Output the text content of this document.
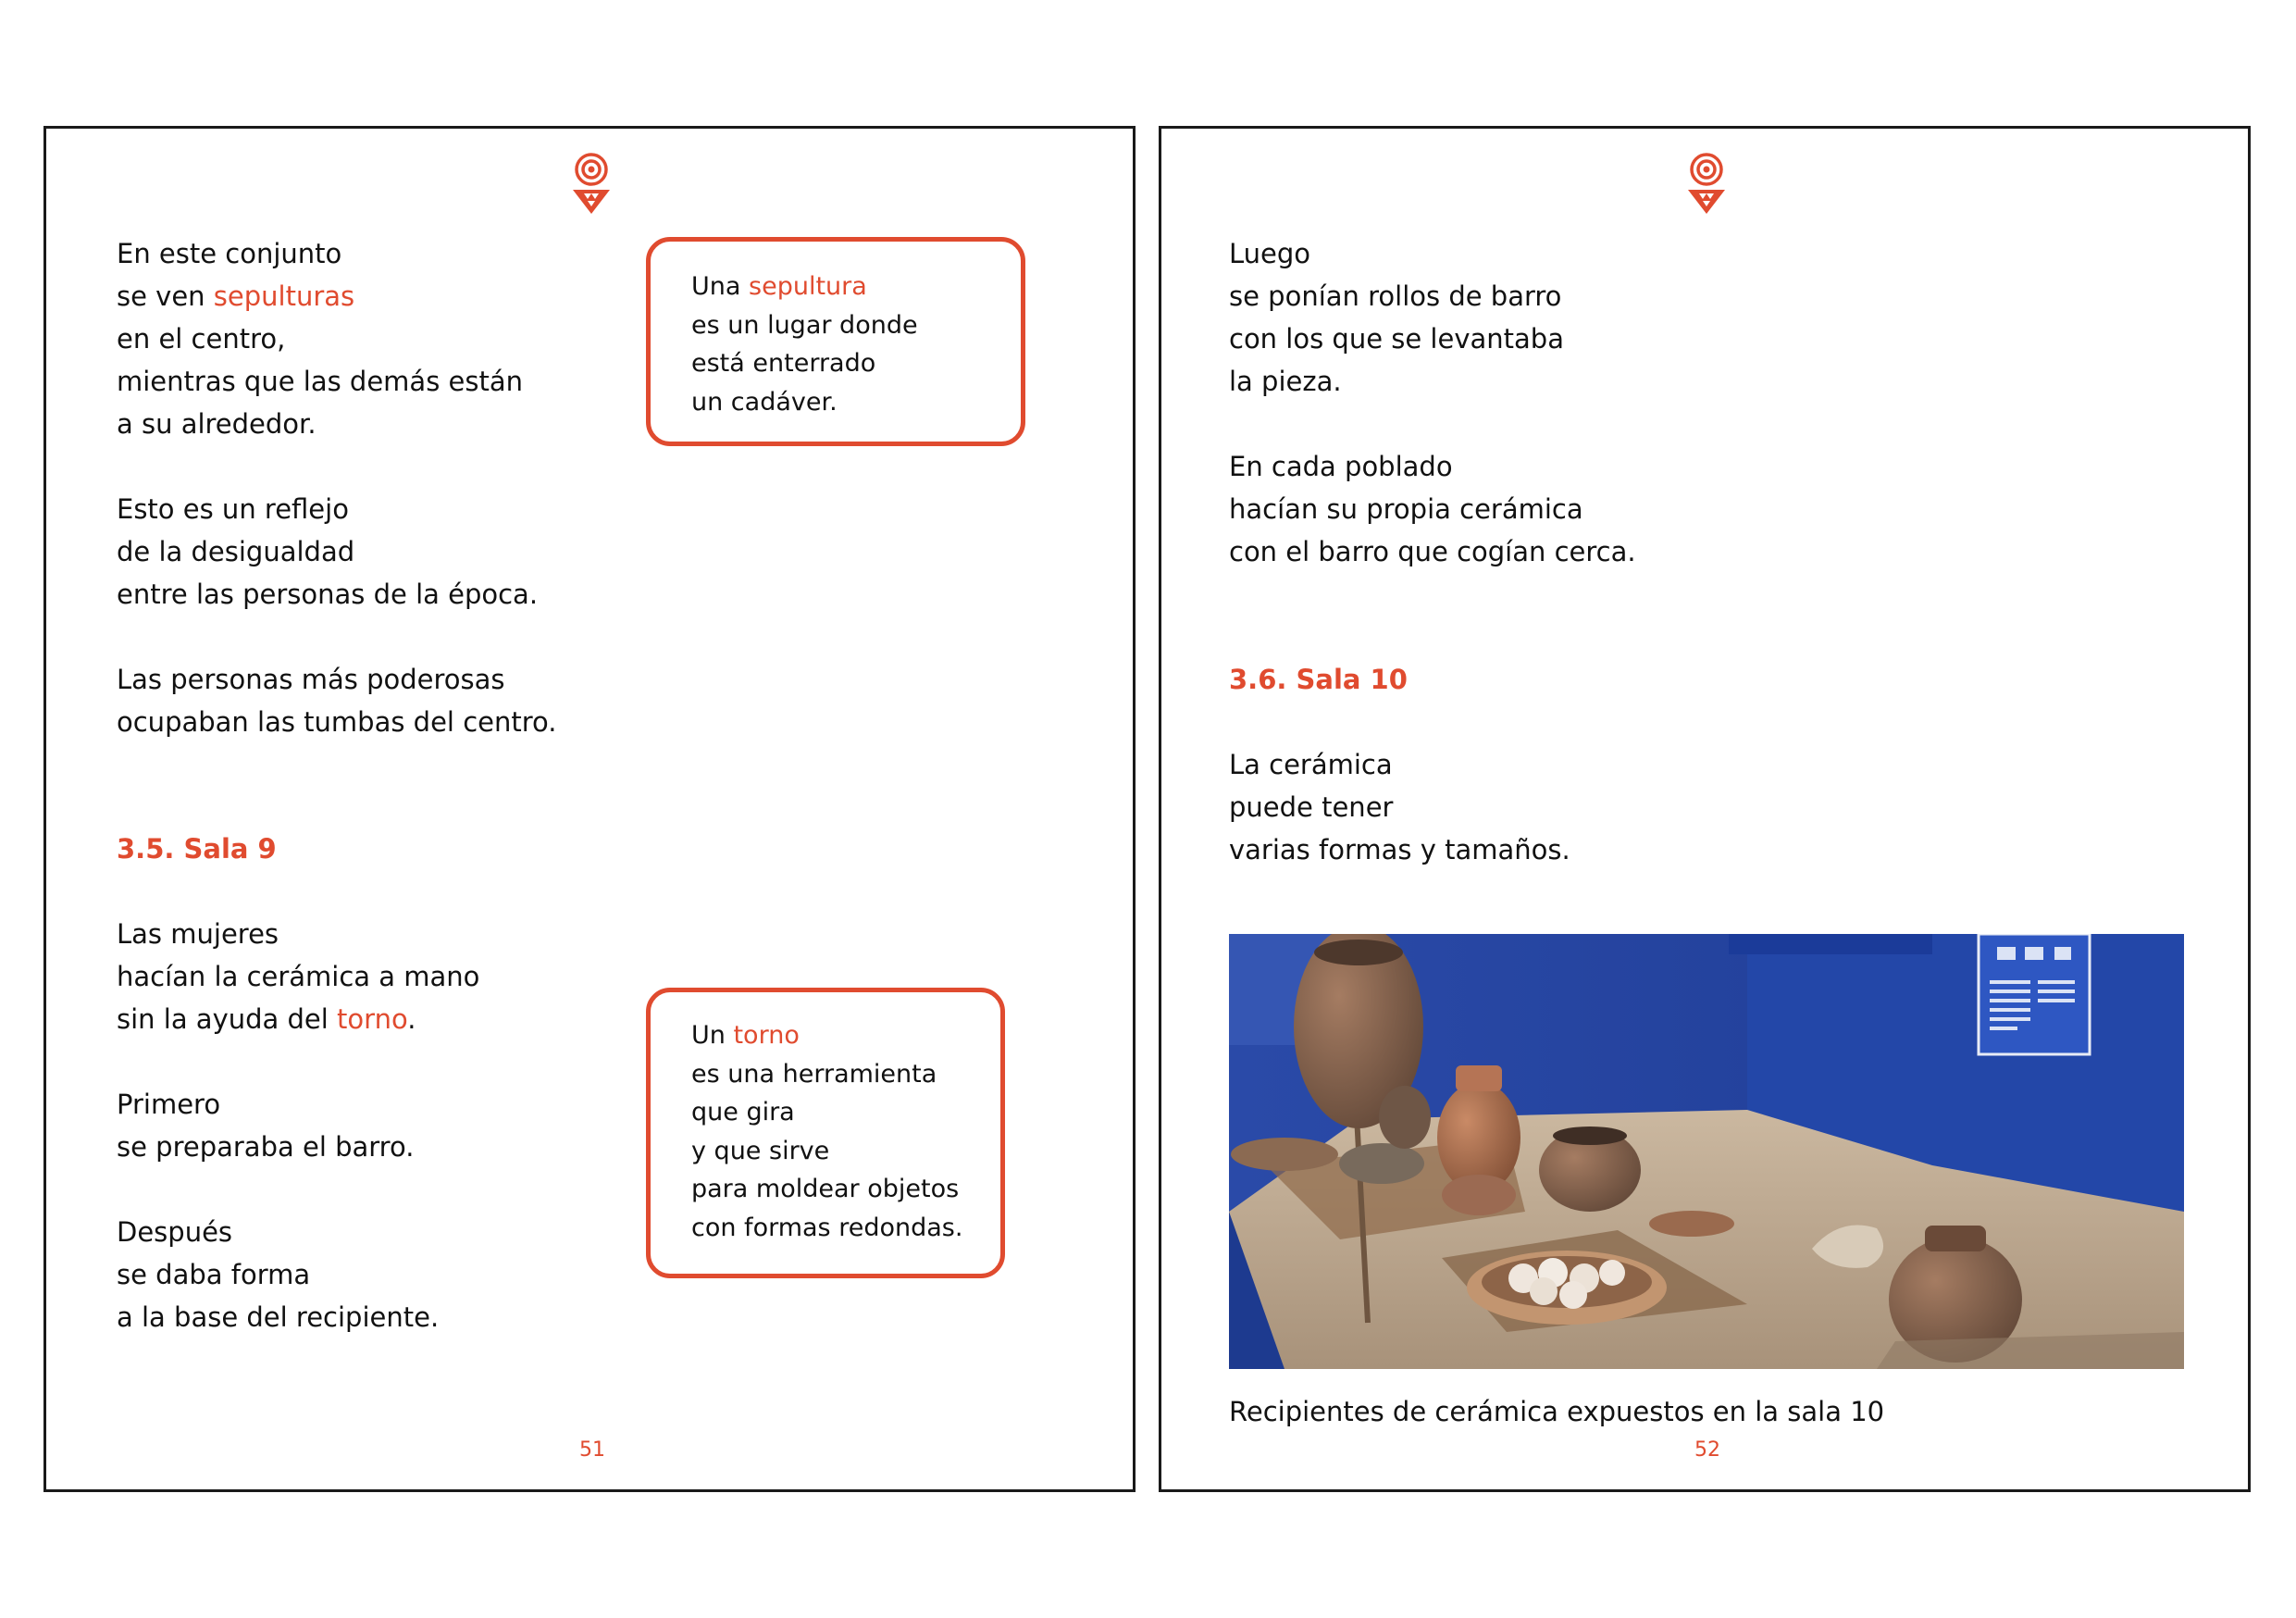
En este conjunto
se ven sepulturas
en el centro,
mientras que las demás están
a su alrededor.
Esto es un reflejo
de la desigualdad
entre las personas de la época.
Las personas más poderosas
ocupaban las tumbas del centro.
3.5. Sala 9
Las mujeres
hacían la cerámica a mano
sin la ayuda del torno.
Primero
se preparaba el barro.
Después
se daba forma
a la base del recipiente.
Una sepultura
es un lugar donde
está enterrado
un cadáver.
Un torno
es una herramienta
que gira
y que sirve
para moldear objetos
con formas redondas.
51
Luego
se ponían rollos de barro
con los que se levantaba
la pieza.
En cada poblado
hacían su propia cerámica
con el barro que cogían cerca.
3.6. Sala 10
La cerámica
puede tener
varias formas y tamaños.
Recipientes de cerámica expuestos en la sala 10
52
